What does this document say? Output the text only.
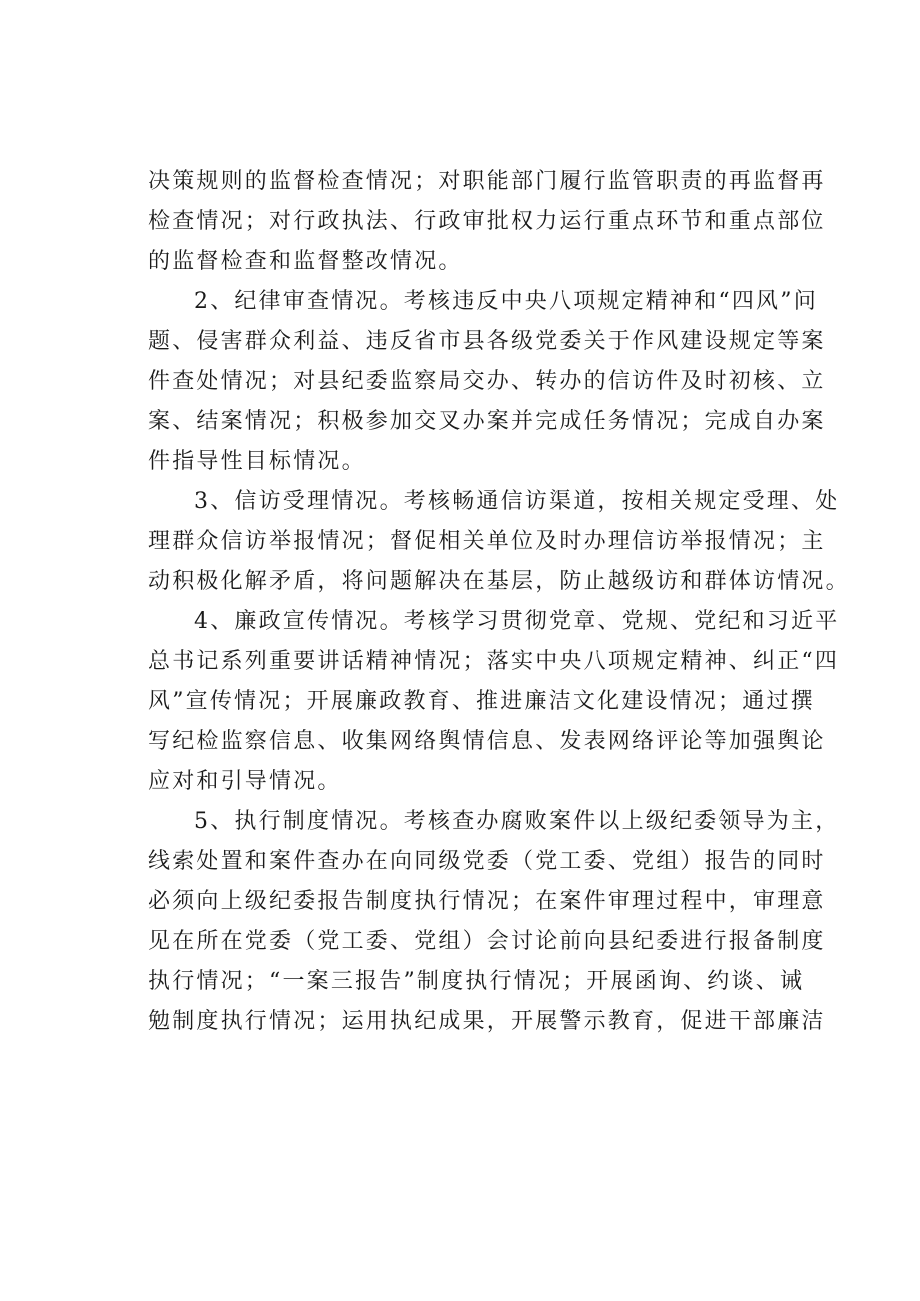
决策规则的监督检查情况；对职能部门履行监管职责的再监督再
检查情况；对行政执法、行政审批权力运行重点环节和重点部位
的监督检查和监督整改情况。
2、纪律审查情况。考核违反中央八项规定精神和“四风”问
题、侵害群众利益、违反省市县各级党委关于作风建设规定等案
件查处情况；对县纪委监察局交办、转办的信访件及时初核、立
案、结案情况；积极参加交叉办案并完成任务情况；完成自办案
件指导性目标情况。
3、信访受理情况。考核畅通信访渠道，按相关规定受理、处
理群众信访举报情况；督促相关单位及时办理信访举报情况；主
动积极化解矛盾，将问题解决在基层，防止越级访和群体访情况。
4、廉政宣传情况。考核学习贯彻党章、党规、党纪和习近平
总书记系列重要讲话精神情况；落实中央八项规定精神、纠正“四
风”宣传情况；开展廉政教育、推进廉洁文化建设情况；通过撰
写纪检监察信息、收集网络舆情信息、发表网络评论等加强舆论
应对和引导情况。
5、执行制度情况。考核查办腐败案件以上级纪委领导为主，
线索处置和案件查办在向同级党委（党工委、党组）报告的同时
必须向上级纪委报告制度执行情况；在案件审理过程中，审理意
见在所在党委（党工委、党组）会讨论前向县纪委进行报备制度
执行情况；“一案三报告”制度执行情况；开展函询、约谈、诫
勉制度执行情况；运用执纪成果，开展警示教育，促进干部廉洁
